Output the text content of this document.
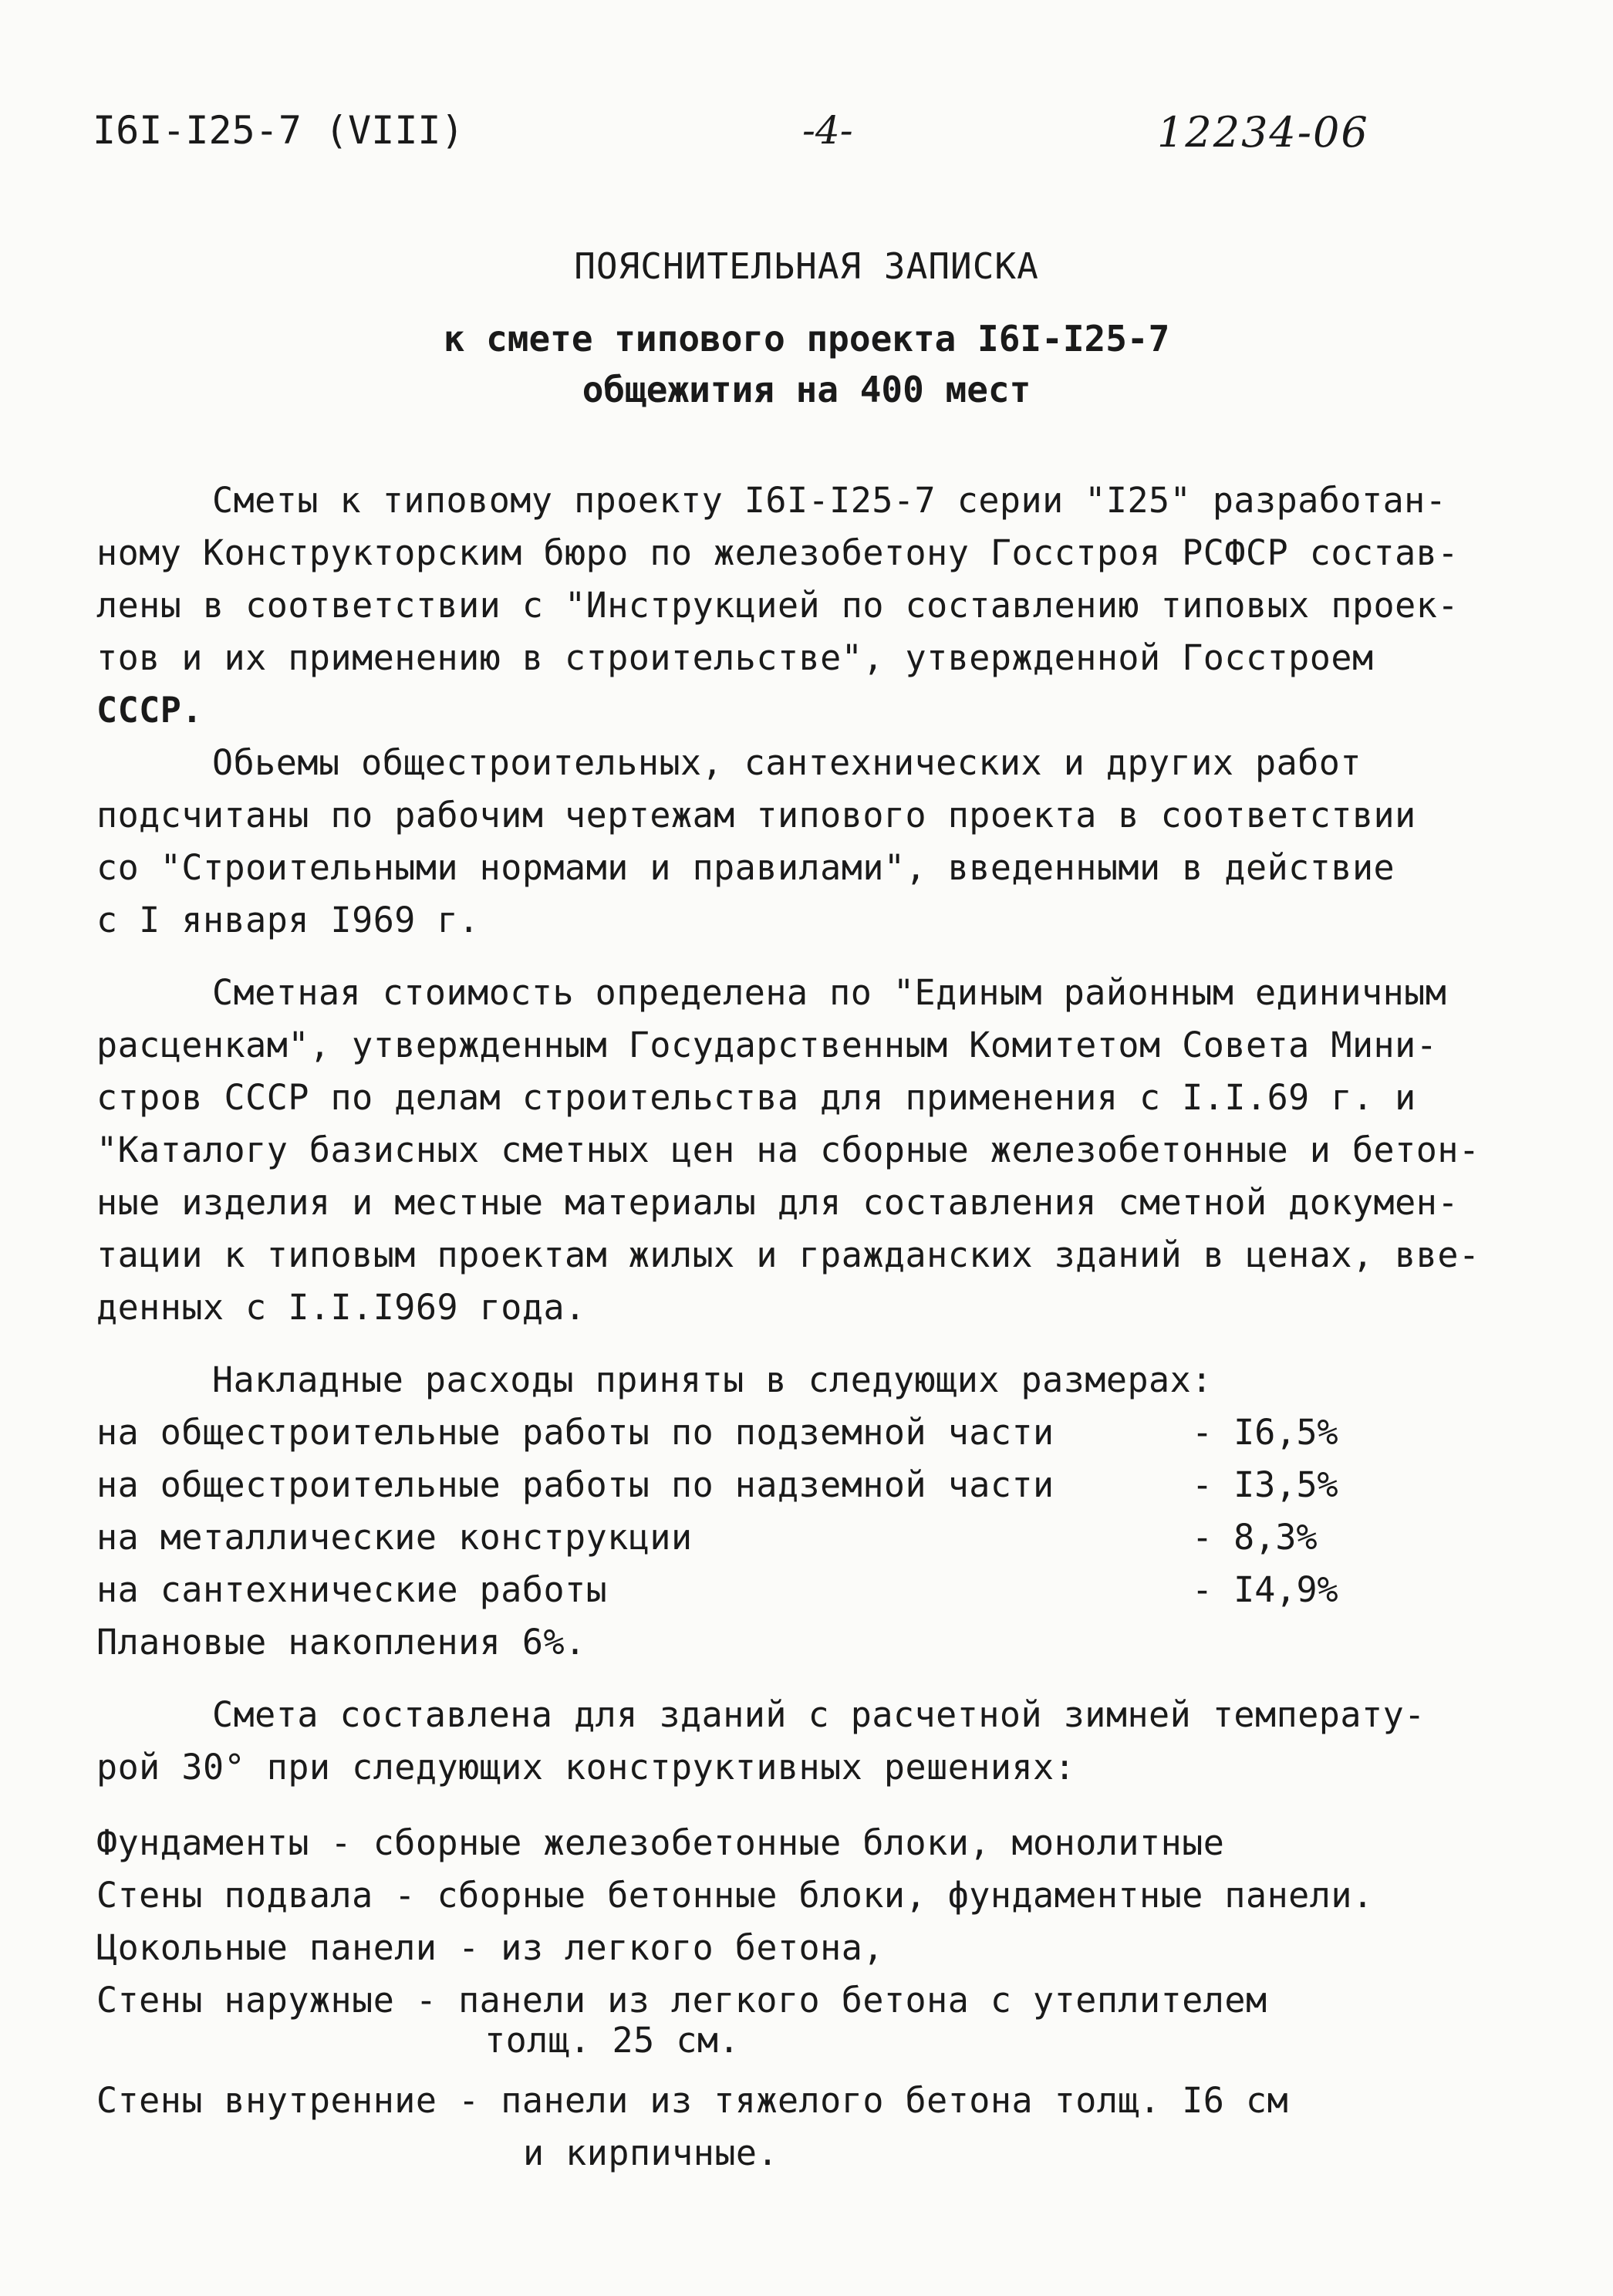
I6I-I25-7 (VIII)	-4-	12234-06
ПОЯСНИТЕЛЬНАЯ ЗАПИСКА
к смете типового проекта I6I-I25-7
общежития на 400 мест
Сметы к типовому проекту I6I-I25-7 серии "I25" разработан-
ному Конструкторским бюро по железобетону Госстроя РСФСР состав-
лены в соответствии с "Инструкцией по составлению типовых проек-
тов и их применению в строительстве", утвержденной Госстроем
СССР.
Обьемы общестроительных, сантехнических и других работ
подсчитаны по рабочим чертежам типового проекта в соответствии
со "Строительными нормами и правилами", введенными в действие
с I января I969 г.
Сметная стоимость определена по "Единым районным единичным
расценкам", утвержденным Государственным Комитетом Совета Мини-
стров СССР по делам строительства для применения с I.I.69 г. и
"Каталогу базисных сметных цен на сборные железобетонные и бетон-
ные изделия и местные материалы для составления сметной докумен-
тации к типовым проектам жилых и гражданских зданий в ценах, вве-
денных с I.I.I969 года.
Накладные расходы приняты в следующих размерах:
на общестроительные работы по подземной части	- I6,5%
на общестроительные работы по надземной части	- I3,5%
на металлические конструкции	- 8,3%
на сантехнические работы	- I4,9%
Плановые накопления 6%.
Смета составлена для зданий с расчетной зимней температу-
рой 30° при следующих конструктивных решениях:
Фундаменты - сборные железобетонные блоки, монолитные
Стены подвала - сборные бетонные блоки, фундаментные панели.
Цокольные панели - из легкого бетона,
Стены наружные - панели из легкого бетона с утеплителем
толщ. 25 см.
Стены внутренние - панели из тяжелого бетона толщ. I6 см
и кирпичные.
